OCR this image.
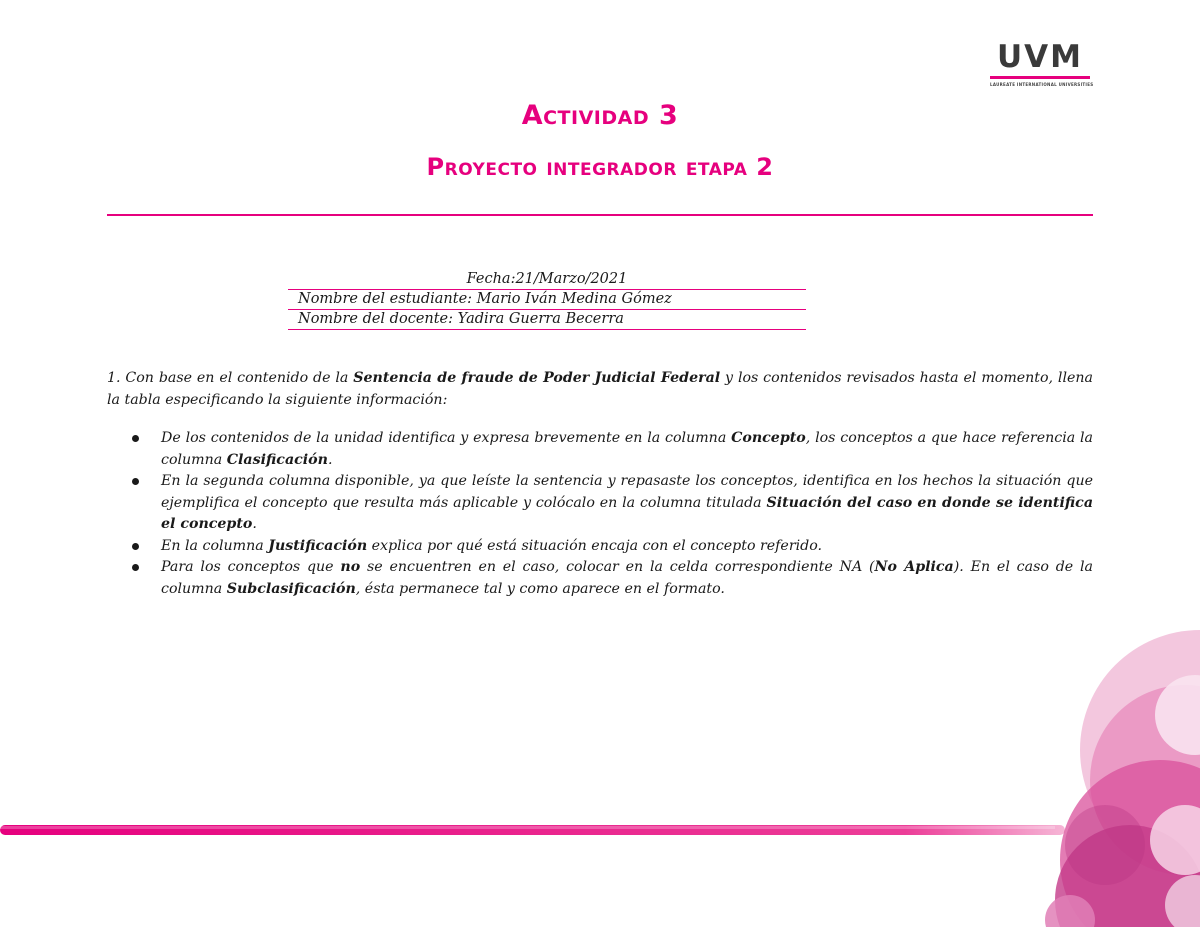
UVM
LAUREATE INTERNATIONAL UNIVERSITIES
Actividad 3
Proyecto integrador etapa 2
Fecha:21/Marzo/2021
Nombre del estudiante: Mario Iván Medina Gómez
Nombre del docente: Yadira Guerra Becerra

1. Con base en el contenido de la Sentencia de fraude de Poder Judicial Federal y los contenidos revisados hasta el momento, llena la tabla especificando la siguiente información:

De los contenidos de la unidad identifica y expresa brevemente en la columna Concepto, los conceptos a que hace referencia la columna Clasificación.
En la segunda columna disponible, ya que leíste la sentencia y repasaste los conceptos, identifica en los hechos la situación que ejemplifica el concepto que resulta más aplicable y colócalo en la columna titulada Situación del caso en donde se identifica el concepto.
En la columna Justificación explica por qué está situación encaja con el concepto referido.
Para los conceptos que no se encuentren en el caso, colocar en la celda correspondiente NA (No Aplica). En el caso de la columna Subclasificación, ésta permanece tal y como aparece en el formato.
